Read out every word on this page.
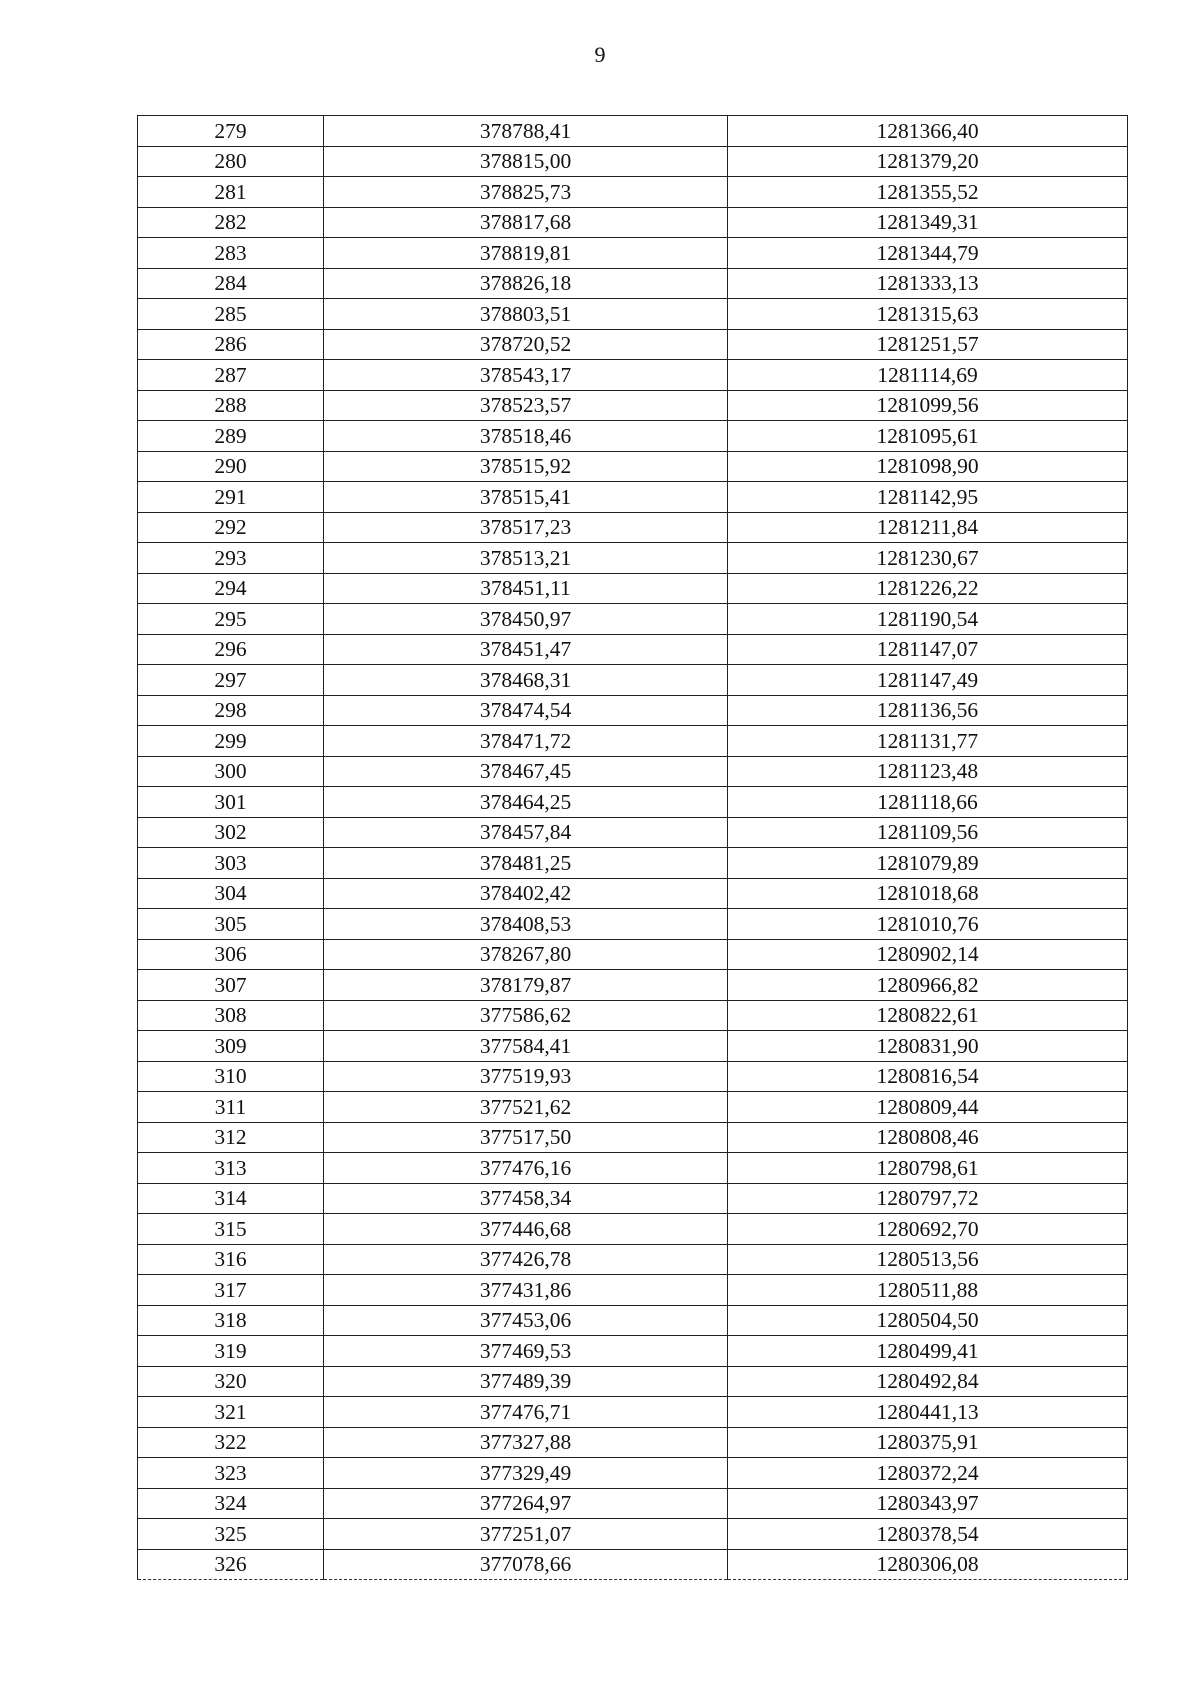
9
279	378788,41	1281366,40
280	378815,00	1281379,20
281	378825,73	1281355,52
282	378817,68	1281349,31
283	378819,81	1281344,79
284	378826,18	1281333,13
285	378803,51	1281315,63
286	378720,52	1281251,57
287	378543,17	1281114,69
288	378523,57	1281099,56
289	378518,46	1281095,61
290	378515,92	1281098,90
291	378515,41	1281142,95
292	378517,23	1281211,84
293	378513,21	1281230,67
294	378451,11	1281226,22
295	378450,97	1281190,54
296	378451,47	1281147,07
297	378468,31	1281147,49
298	378474,54	1281136,56
299	378471,72	1281131,77
300	378467,45	1281123,48
301	378464,25	1281118,66
302	378457,84	1281109,56
303	378481,25	1281079,89
304	378402,42	1281018,68
305	378408,53	1281010,76
306	378267,80	1280902,14
307	378179,87	1280966,82
308	377586,62	1280822,61
309	377584,41	1280831,90
310	377519,93	1280816,54
311	377521,62	1280809,44
312	377517,50	1280808,46
313	377476,16	1280798,61
314	377458,34	1280797,72
315	377446,68	1280692,70
316	377426,78	1280513,56
317	377431,86	1280511,88
318	377453,06	1280504,50
319	377469,53	1280499,41
320	377489,39	1280492,84
321	377476,71	1280441,13
322	377327,88	1280375,91
323	377329,49	1280372,24
324	377264,97	1280343,97
325	377251,07	1280378,54
326	377078,66	1280306,08
